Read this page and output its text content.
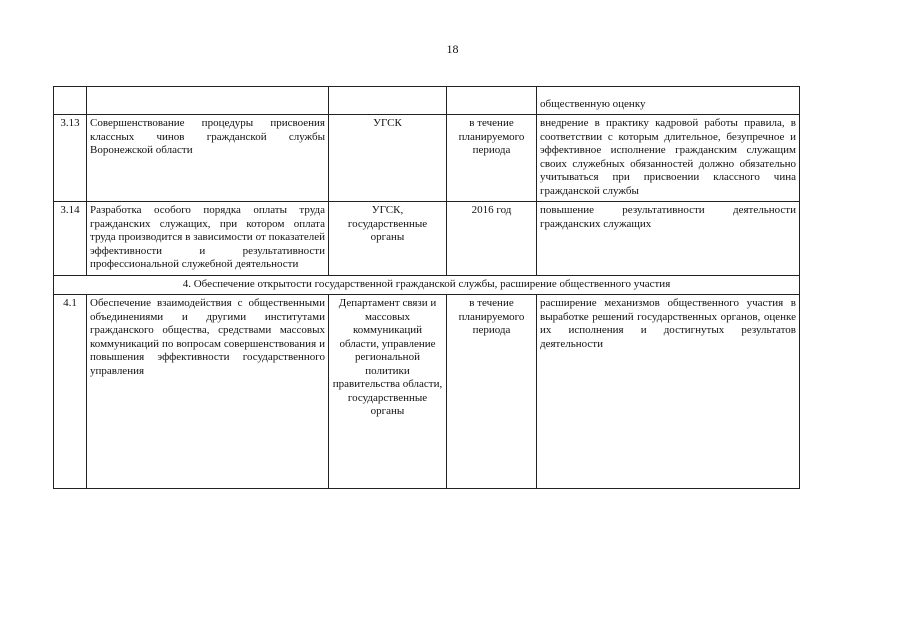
18
				общественную оценку
3.13	Совершенствование процедуры присвоения классных чинов гражданской службы Воронежской области	УГСК	в течение планируемого периода	внедрение в практику кадровой работы правила, в соответствии с которым длительное, безупречное и эффективное исполнение гражданским служащим своих служебных обязанностей должно обязательно учитываться при присвоении классного чина гражданской службы
3.14	Разработка особого порядка оплаты труда гражданских служащих, при котором оплата труда производится в зависимости от показателей эффективности и результативности профессиональной служебной деятельности	УГСК, государственные органы	2016 год	повышение результативности деятельности гражданских служащих
4. Обеспечение открытости государственной гражданской службы, расширение общественного участия				
4.1	Обеспечение взаимодействия с общественными объединениями и другими институтами гражданского общества, средствами массовых коммуникаций по вопросам совершенствования и повышения эффективности государственного управления	Департамент связи и массовых коммуникаций области, управление региональной политики правительства области, государственные органы	в течение планируемого периода	расширение механизмов общественного участия в выработке решений государственных органов, оценке их исполнения и достигнутых результатов деятельности
